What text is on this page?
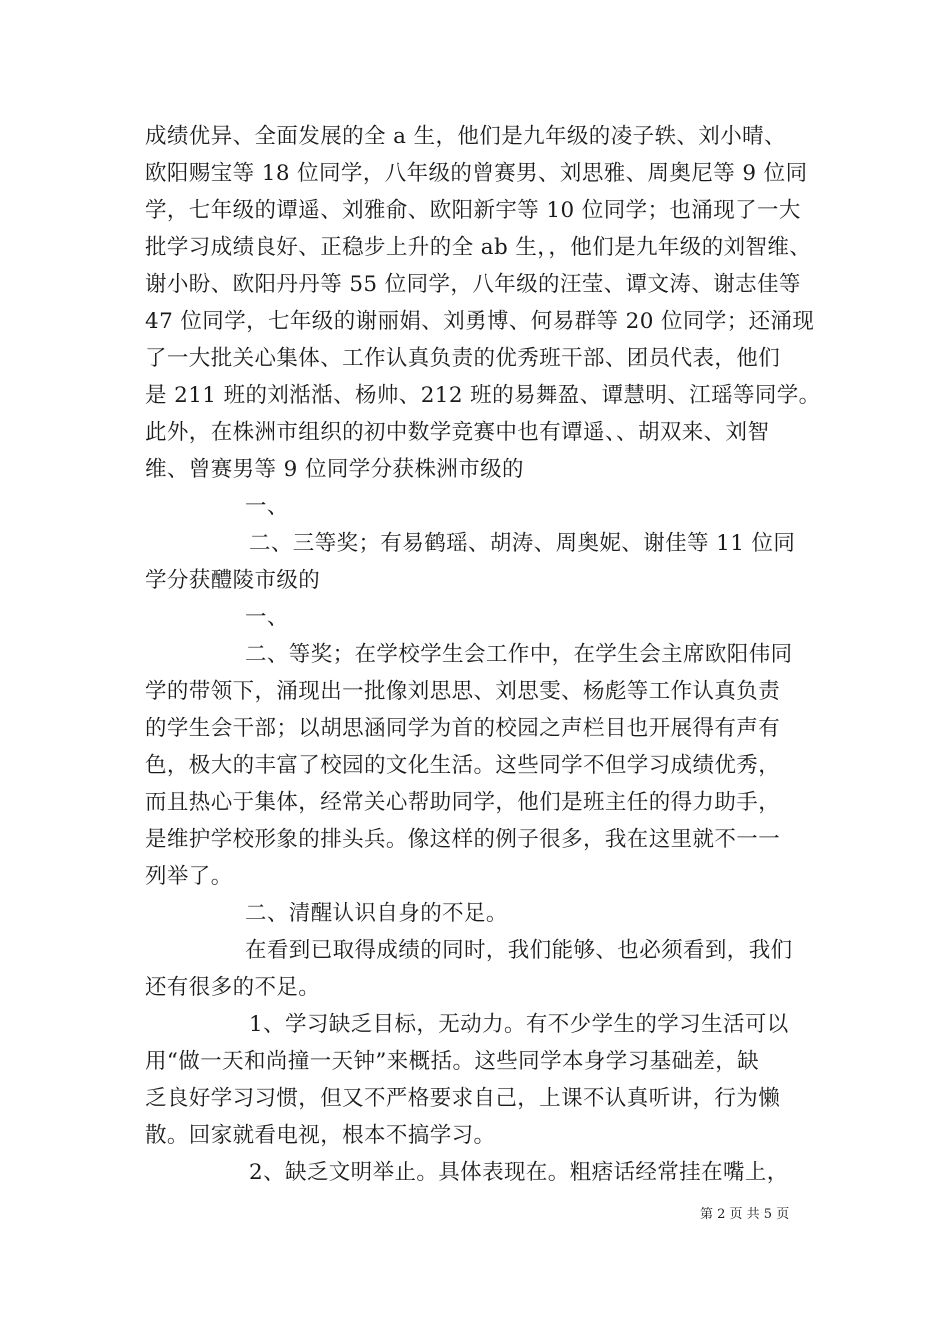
成绩优异、全面发展的全 a 生，他们是九年级的凌子轶、刘小晴、
欧阳赐宝等 18 位同学，八年级的曾赛男、刘思雅、周奥尼等 9 位同
学，七年级的谭遥、刘雅俞、欧阳新宇等 10 位同学；也涌现了一大
批学习成绩良好、正稳步上升的全 ab 生，，他们是九年级的刘智维、
谢小盼、欧阳丹丹等 55 位同学，八年级的汪莹、谭文涛、谢志佳等
47 位同学，七年级的谢丽娟、刘勇博、何易群等 20 位同学；还涌现
了一大批关心集体、工作认真负责的优秀班干部、团员代表，他们
是 211 班的刘湉湉、杨帅、212 班的易舞盈、谭慧明、江瑶等同学。
此外，在株洲市组织的初中数学竞赛中也有谭遥、、胡双来、刘智
维、曾赛男等 9 位同学分获株洲市级的
一、
二、三等奖；有易鹤瑶、胡涛、周奥妮、谢佳等 11 位同
学分获醴陵市级的
一、
二、等奖；在学校学生会工作中，在学生会主席欧阳伟同
学的带领下，涌现出一批像刘思思、刘思雯、杨彪等工作认真负责
的学生会干部；以胡思涵同学为首的校园之声栏目也开展得有声有
色，极大的丰富了校园的文化生活。这些同学不但学习成绩优秀，
而且热心于集体，经常关心帮助同学，他们是班主任的得力助手，
是维护学校形象的排头兵。像这样的例子很多，我在这里就不一一
列举了。
二、清醒认识自身的不足。
在看到已取得成绩的同时，我们能够、也必须看到，我们
还有很多的不足。
1、学习缺乏目标，无动力。有不少学生的学习生活可以
用“做一天和尚撞一天钟”来概括。这些同学本身学习基础差，缺
乏良好学习习惯，但又不严格要求自己，上课不认真听讲，行为懒
散。回家就看电视，根本不搞学习。
2、缺乏文明举止。具体表现在。粗痞话经常挂在嘴上，
第 2 页 共 5 页
